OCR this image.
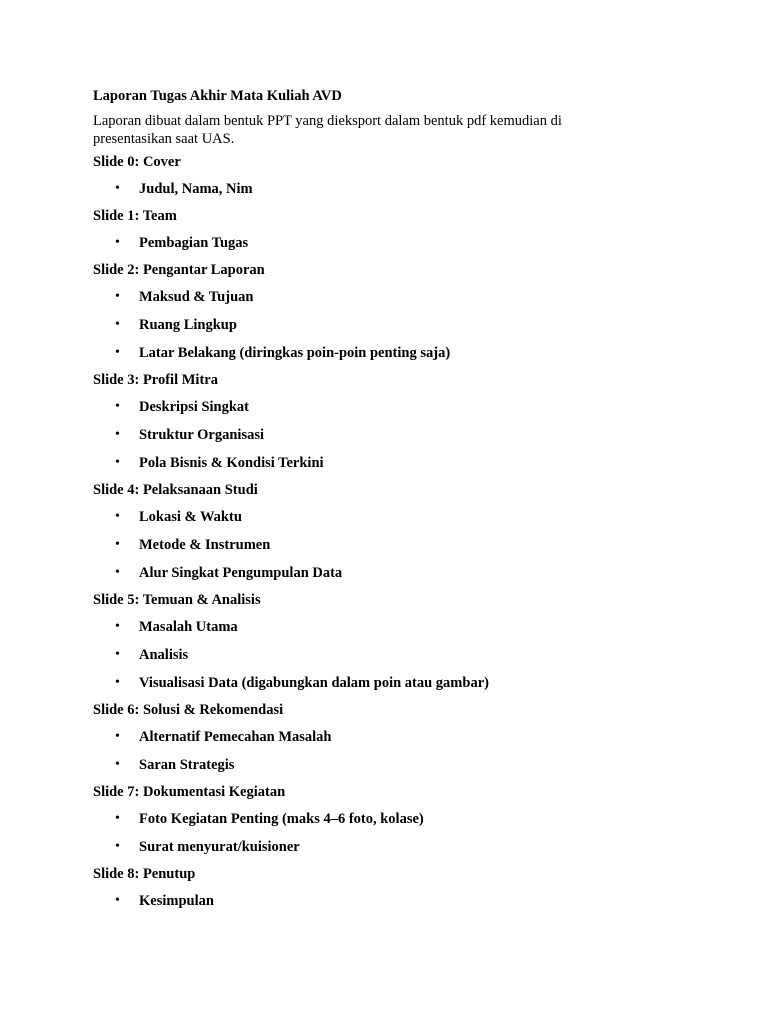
Laporan Tugas Akhir Mata Kuliah AVD
Laporan dibuat dalam bentuk PPT yang dieksport dalam bentuk pdf kemudian di
presentasikan saat UAS.
Slide 0: Cover
• Judul, Nama, Nim
Slide 1: Team
• Pembagian Tugas
Slide 2: Pengantar Laporan
• Maksud & Tujuan
• Ruang Lingkup
• Latar Belakang (diringkas poin-poin penting saja)
Slide 3: Profil Mitra
• Deskripsi Singkat
• Struktur Organisasi
• Pola Bisnis & Kondisi Terkini
Slide 4: Pelaksanaan Studi
• Lokasi & Waktu
• Metode & Instrumen
• Alur Singkat Pengumpulan Data
Slide 5: Temuan & Analisis
• Masalah Utama
• Analisis
• Visualisasi Data (digabungkan dalam poin atau gambar)
Slide 6: Solusi & Rekomendasi
• Alternatif Pemecahan Masalah
• Saran Strategis
Slide 7: Dokumentasi Kegiatan
• Foto Kegiatan Penting (maks 4–6 foto, kolase)
• Surat menyurat/kuisioner
Slide 8: Penutup
• Kesimpulan
